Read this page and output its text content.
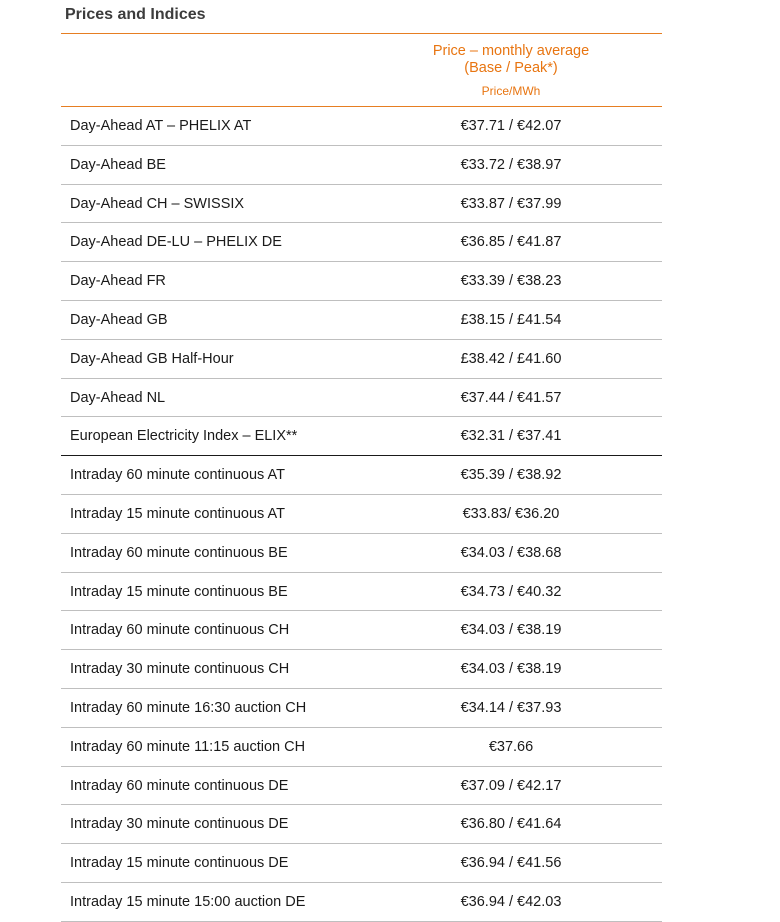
Prices and Indices
Price – monthly average
(Base / Peak*)
Price/MWh
Day-Ahead AT – PHELIX AT	€37.71 / €42.07
Day-Ahead BE	€33.72 / €38.97
Day-Ahead CH – SWISSIX	€33.87 / €37.99
Day-Ahead DE-LU – PHELIX DE	€36.85 / €41.87
Day-Ahead FR	€33.39 / €38.23
Day-Ahead GB	£38.15 / £41.54
Day-Ahead GB Half-Hour	£38.42 / £41.60
Day-Ahead NL	€37.44 / €41.57
European Electricity Index – ELIX**	€32.31 / €37.41
Intraday 60 minute continuous AT	€35.39 / €38.92
Intraday 15 minute continuous AT	€33.83/ €36.20
Intraday 60 minute continuous BE	€34.03 / €38.68
Intraday 15 minute continuous BE	€34.73 / €40.32
Intraday 60 minute continuous CH	€34.03 / €38.19
Intraday 30 minute continuous CH	€34.03 / €38.19
Intraday 60 minute 16:30 auction CH	€34.14 / €37.93
Intraday 60 minute 11:15 auction CH	€37.66
Intraday 60 minute continuous DE	€37.09 / €42.17
Intraday 30 minute continuous DE	€36.80 / €41.64
Intraday 15 minute continuous DE	€36.94 / €41.56
Intraday 15 minute 15:00 auction DE	€36.94 / €42.03
